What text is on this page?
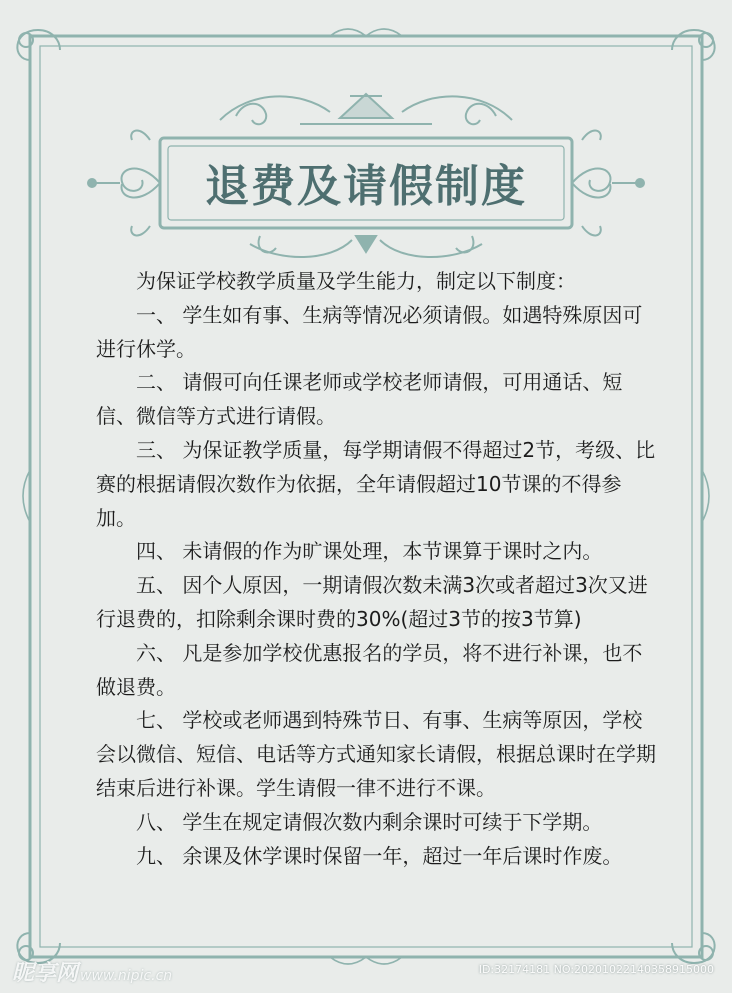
退费及请假制度

为保证学校教学质量及学生能力，制定以下制度：

一、 学生如有事、生病等情况必须请假。如遇特殊原因可进行休学。

二、 请假可向任课老师或学校老师请假，可用通话、短信、微信等方式进行请假。

三、 为保证教学质量，每学期请假不得超过2节，考级、比赛的根据请假次数作为依据，全年请假超过10节课的不得参加。

四、 未请假的作为旷课处理，本节课算于课时之内。

五、 因个人原因，一期请假次数未满3次或者超过3次又进行退费的，扣除剩余课时费的30%(超过3节的按3节算)

六、 凡是参加学校优惠报名的学员，将不进行补课，也不做退费。

七、 学校或老师遇到特殊节日、有事、生病等原因，学校会以微信、短信、电话等方式通知家长请假，根据总课时在学期结束后进行补课。学生请假一律不进行不课。

八、 学生在规定请假次数内剩余课时可续于下学期。

九、 余课及休学课时保留一年，超过一年后课时作废。

昵享网 www.nipic.cn	ID:32174181 NO:20201022140358915000
